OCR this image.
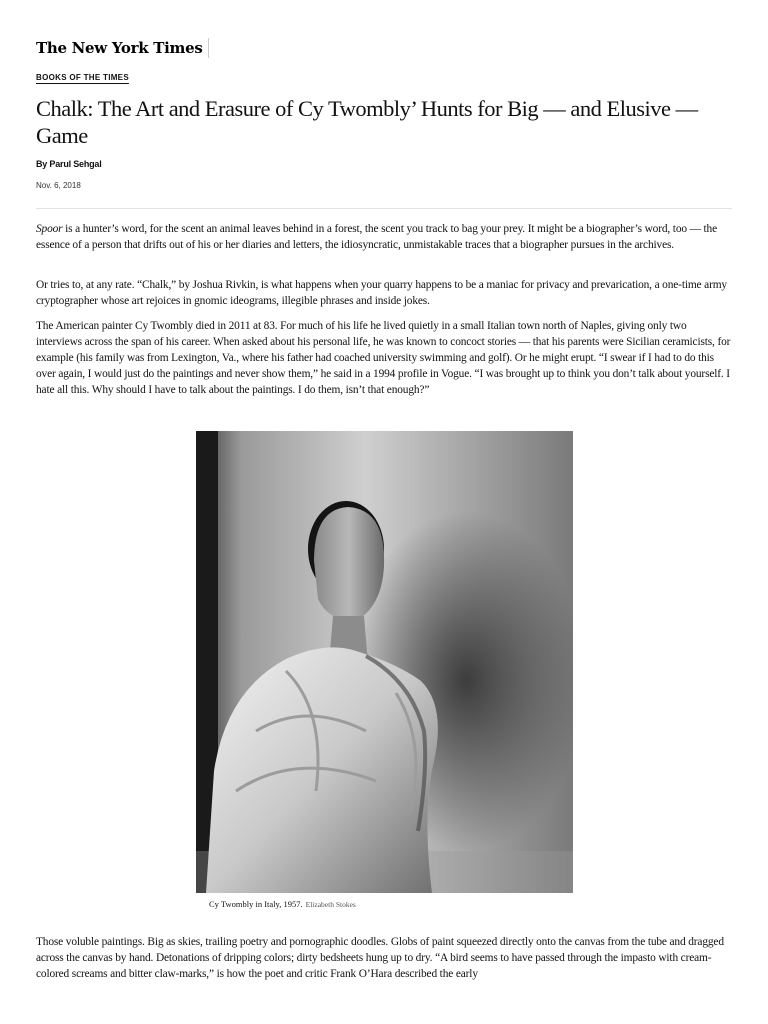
The New York Times
BOOKS OF THE TIMES
Chalk: The Art and Erasure of Cy Twombly’ Hunts for Big — and Elusive — Game
By Parul Sehgal
Nov. 6, 2018

Spoor is a hunter’s word, for the scent an animal leaves behind in a forest, the scent you track to bag your prey. It might be a biographer’s word, too — the essence of a person that drifts out of his or her diaries and letters, the idiosyncratic, unmistakable traces that a biographer pursues in the archives.

Or tries to, at any rate. “Chalk,” by Joshua Rivkin, is what happens when your quarry happens to be a maniac for privacy and prevarication, a one-time army cryptographer whose art rejoices in gnomic ideograms, illegible phrases and inside jokes.

The American painter Cy Twombly died in 2011 at 83. For much of his life he lived quietly in a small Italian town north of Naples, giving only two interviews across the span of his career. When asked about his personal life, he was known to concoct stories — that his parents were Sicilian ceramicists, for example (his family was from Lexington, Va., where his father had coached university swimming and golf). Or he might erupt. “I swear if I had to do this over again, I would just do the paintings and never show them,” he said in a 1994 profile in Vogue. “I was brought up to think you don’t talk about yourself. I hate all this. Why should I have to talk about the paintings. I do them, isn’t that enough?”

Cy Twombly in Italy, 1957. Elizabeth Stokes

Those voluble paintings. Big as skies, trailing poetry and pornographic doodles. Globs of paint squeezed directly onto the canvas from the tube and dragged across the canvas by hand. Detonations of dripping colors; dirty bedsheets hung up to dry. “A bird seems to have passed through the impasto with cream-colored screams and bitter claw-marks,” is how the poet and critic Frank O’Hara described the early
